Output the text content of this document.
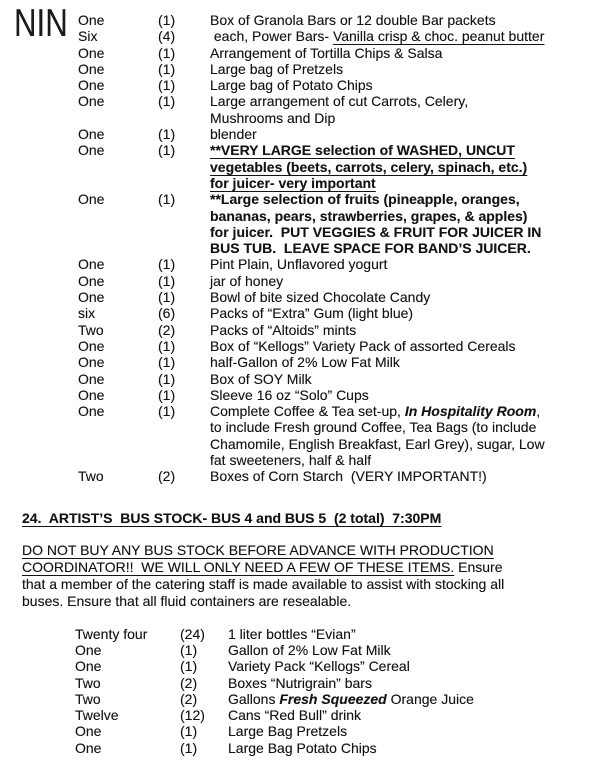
NIN One	(1)	Box of Granola Bars or 12 double Bar packets
Six	(4)	each, Power Bars- Vanilla crisp & choc. peanut butter
One	(1)	Arrangement of Tortilla Chips & Salsa
One	(1)	Large bag of Pretzels
One	(1)	Large bag of Potato Chips
One	(1)	Large arrangement of cut Carrots, Celery,
Mushrooms and Dip
One	(1)	blender
One	(1)	**VERY LARGE selection of WASHED, UNCUT
vegetables (beets, carrots, celery, spinach, etc.)
for juicer- very important
One	(1)	**Large selection of fruits (pineapple, oranges,
bananas, pears, strawberries, grapes, & apples)
for juicer.  PUT VEGGIES & FRUIT FOR JUICER IN
BUS TUB.  LEAVE SPACE FOR BAND’S JUICER.
One	(1)	Pint Plain, Unflavored yogurt
One	(1)	jar of honey
One	(1)	Bowl of bite sized Chocolate Candy
six	(6)	Packs of “Extra” Gum (light blue)
Two	(2)	Packs of “Altoids” mints
One	(1)	Box of “Kellogs” Variety Pack of assorted Cereals
One	(1)	half-Gallon of 2% Low Fat Milk
One	(1)	Box of SOY Milk
One	(1)	Sleeve 16 oz “Solo” Cups
One	(1)	Complete Coffee & Tea set-up, In Hospitality Room,
to include Fresh ground Coffee, Tea Bags (to include
Chamomile, English Breakfast, Earl Grey), sugar, Low
fat sweeteners, half & half
Two	(2)	Boxes of Corn Starch  (VERY IMPORTANT!)
24.  ARTIST’S  BUS STOCK- BUS 4 and BUS 5  (2 total)  7:30PM
DO NOT BUY ANY BUS STOCK BEFORE ADVANCE WITH PRODUCTION
COORDINATOR!!  WE WILL ONLY NEED A FEW OF THESE ITEMS. Ensure
that a member of the catering staff is made available to assist with stocking all
buses. Ensure that all fluid containers are resealable.
Twenty four	(24)	1 liter bottles “Evian”
One	(1)	Gallon of 2% Low Fat Milk
One	(1)	Variety Pack “Kellogs” Cereal
Two	(2)	Boxes “Nutrigrain” bars
Two	(2)	Gallons Fresh Squeezed Orange Juice
Twelve	(12)	Cans “Red Bull” drink
One	(1)	Large Bag Pretzels
One	(1)	Large Bag Potato Chips
